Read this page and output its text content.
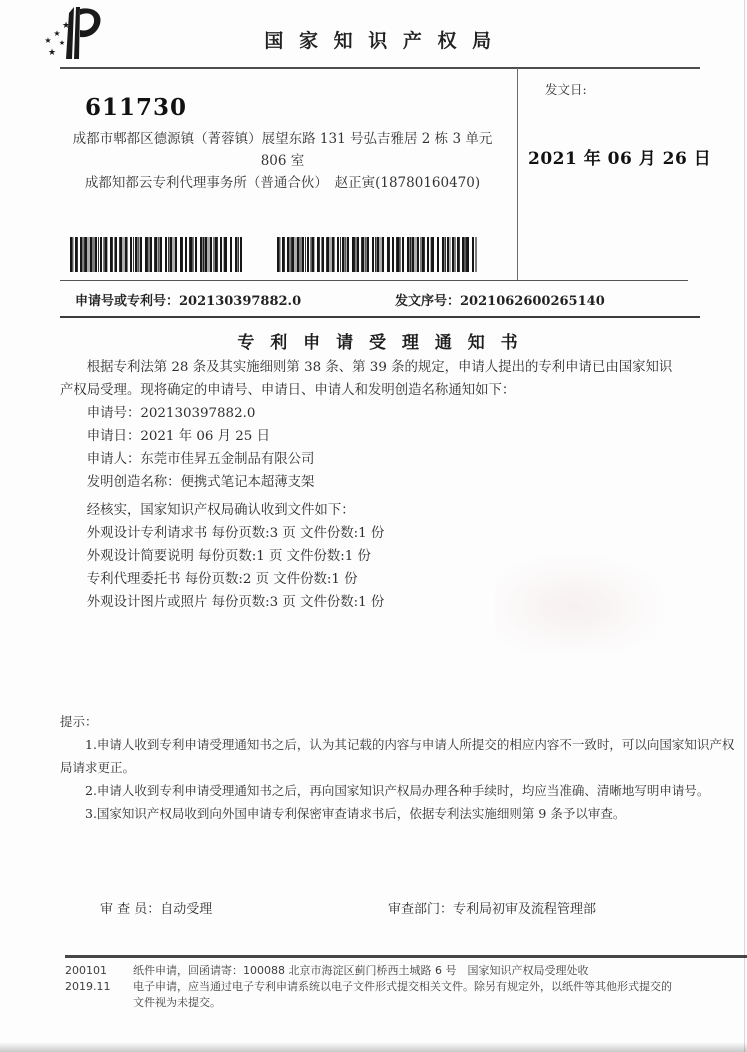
★
★
★ ★
★
国 家 知 识 产 权 局
611730
成都市郫都区德源镇（菁蓉镇）展望东路 131 号弘吉雅居 2 栋 3 单元
806 室
成都知都云专利代理事务所（普通合伙）　赵正寅(18780160470)
发文日:
2021 年 06 月 26 日
申请号或专利号：202130397882.0	发文序号：2021062600265140
专 利 申 请 受 理 通 知 书

根据专利法第 28 条及其实施细则第 38 条、第 39 条的规定，申请人提出的专利申请已由国家知识产权局受理。现将确定的申请号、申请日、申请人和发明创造名称通知如下：

申请号：202130397882.0
申请日：2021 年 06 月 25 日
申请人：东莞市佳昇五金制品有限公司
发明创造名称：便携式笔记本超薄支架
经核实，国家知识产权局确认收到文件如下：
外观设计专利请求书 每份页数:3 页 文件份数:1 份
外观设计简要说明 每份页数:1 页 文件份数:1 份
专利代理委托书 每份页数:2 页 文件份数:1 份
外观设计图片或照片 每份页数:3 页 文件份数:1 份
提示：
1.申请人收到专利申请受理通知书之后，认为其记载的内容与申请人所提交的相应内容不一致时，可以向国家知识产权局请求更正。
2.申请人收到专利申请受理通知书之后，再向国家知识产权局办理各种手续时，均应当准确、清晰地写明申请号。
3.国家知识产权局收到向外国申请专利保密审查请求书后，依据专利法实施细则第 9 条予以审查。
审 查 员：自动受理	审查部门：专利局初审及流程管理部
200101
2019.11
纸件申请，回函请寄：100088 北京市海淀区蓟门桥西土城路 6 号　国家知识产权局受理处收
电子申请，应当通过电子专利申请系统以电子文件形式提交相关文件。除另有规定外，以纸件等其他形式提交的文件视为未提交。
